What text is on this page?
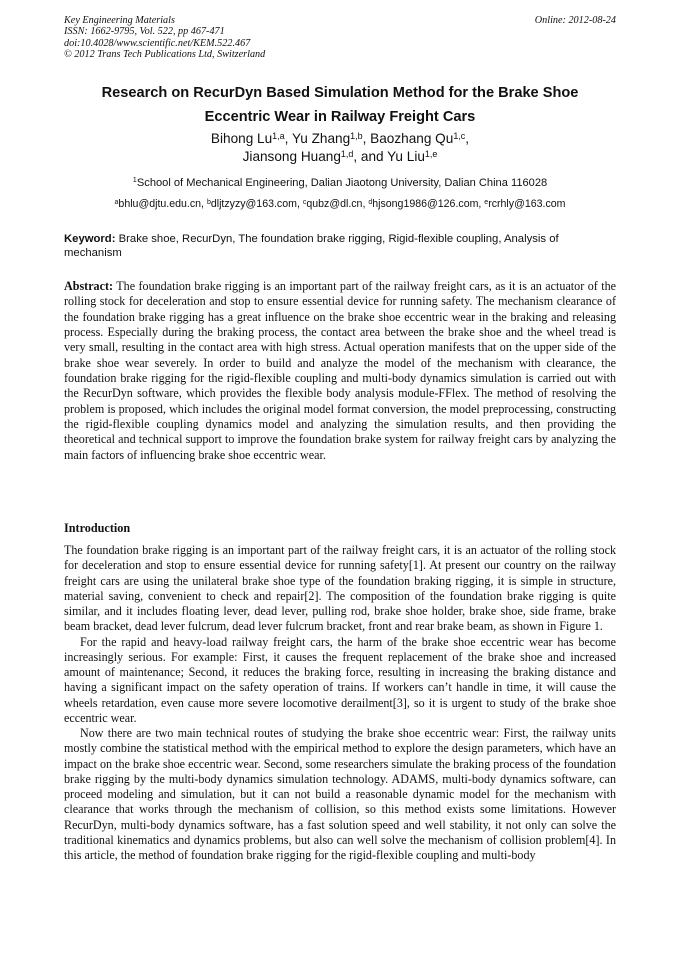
Key Engineering Materials
ISSN: 1662-9795, Vol. 522, pp 467-471
doi:10.4028/www.scientific.net/KEM.522.467
© 2012 Trans Tech Publications Ltd, Switzerland
Online: 2012-08-24
Research on RecurDyn Based Simulation Method for the Brake Shoe
Eccentric Wear in Railway Freight Cars
Bihong Lu$^{1,a}$, Yu Zhang$^{1,b}$, Baozhang Qu$^{1,c}$,
Jiansong Huang$^{1,d}$, and Yu Liu$^{1,e}$
$^1$School of Mechanical Engineering, Dalian Jiaotong University, Dalian China 116028
$^a$bhlu@djtu.edu.cn, $^b$dljtzyzy@163.com, $^c$qubz@dl.cn, $^d$hjsong1986@126.com, $^e$rcrhly@163.com
Keyword: Brake shoe, RecurDyn, The foundation brake rigging, Rigid-flexible coupling, Analysis of mechanism
Abstract: The foundation brake rigging is an important part of the railway freight cars, as it is an actuator of the rolling stock for deceleration and stop to ensure essential device for running safety. The mechanism clearance of the foundation brake rigging has a great influence on the brake shoe eccentric wear in the braking and releasing process. Especially during the braking process, the contact area between the brake shoe and the wheel tread is very small, resulting in the contact area with high stress. Actual operation manifests that on the upper side of the brake shoe wear severely. In order to build and analyze the model of the mechanism with clearance, the foundation brake rigging for the rigid-flexible coupling and multi-body dynamics simulation is carried out with the RecurDyn software, which provides the flexible body analysis module-FFlex. The method of resolving the problem is proposed, which includes the original model format conversion, the model preprocessing, constructing the rigid-flexible coupling dynamics model and analyzing the simulation results, and then providing the theoretical and technical support to improve the foundation brake system for railway freight cars by analyzing the main factors of influencing brake shoe eccentric wear.
Introduction

The foundation brake rigging is an important part of the railway freight cars, it is an actuator of the rolling stock for deceleration and stop to ensure essential device for running safety[1]. At present our country on the railway freight cars are using the unilateral brake shoe type of the foundation braking rigging, it is simple in structure, material saving, convenient to check and repair[2]. The composition of the foundation brake rigging is quite similar, and it includes floating lever, dead lever, pulling rod, brake shoe holder, brake shoe, side frame, brake beam bracket, dead lever fulcrum, dead lever fulcrum bracket, front and rear brake beam, as shown in Figure 1.

For the rapid and heavy-load railway freight cars, the harm of the brake shoe eccentric wear has become increasingly serious. For example: First, it causes the frequent replacement of the brake shoe and increased amount of maintenance; Second, it reduces the braking force, resulting in increasing the braking distance and having a significant impact on the safety operation of trains. If workers can’t handle in time, it will cause the wheels retardation, even cause more severe locomotive derailment[3], so it is urgent to study of the brake shoe eccentric wear.

Now there are two main technical routes of studying the brake shoe eccentric wear: First, the railway units mostly combine the statistical method with the empirical method to explore the design parameters, which have an impact on the brake shoe eccentric wear. Second, some researchers simulate the braking process of the foundation brake rigging by the multi-body dynamics simulation technology. ADAMS, multi-body dynamics software, can proceed modeling and simulation, but it can not build a reasonable dynamic model for the mechanism with clearance that works through the mechanism of collision, so this method exists some limitations. However RecurDyn, multi-body dynamics software, has a fast solution speed and well stability, it not only can solve the traditional kinematics and dynamics problems, but also can well solve the mechanism of collision problem[4]. In this article, the method of foundation brake rigging for the rigid-flexible coupling and multi-body
